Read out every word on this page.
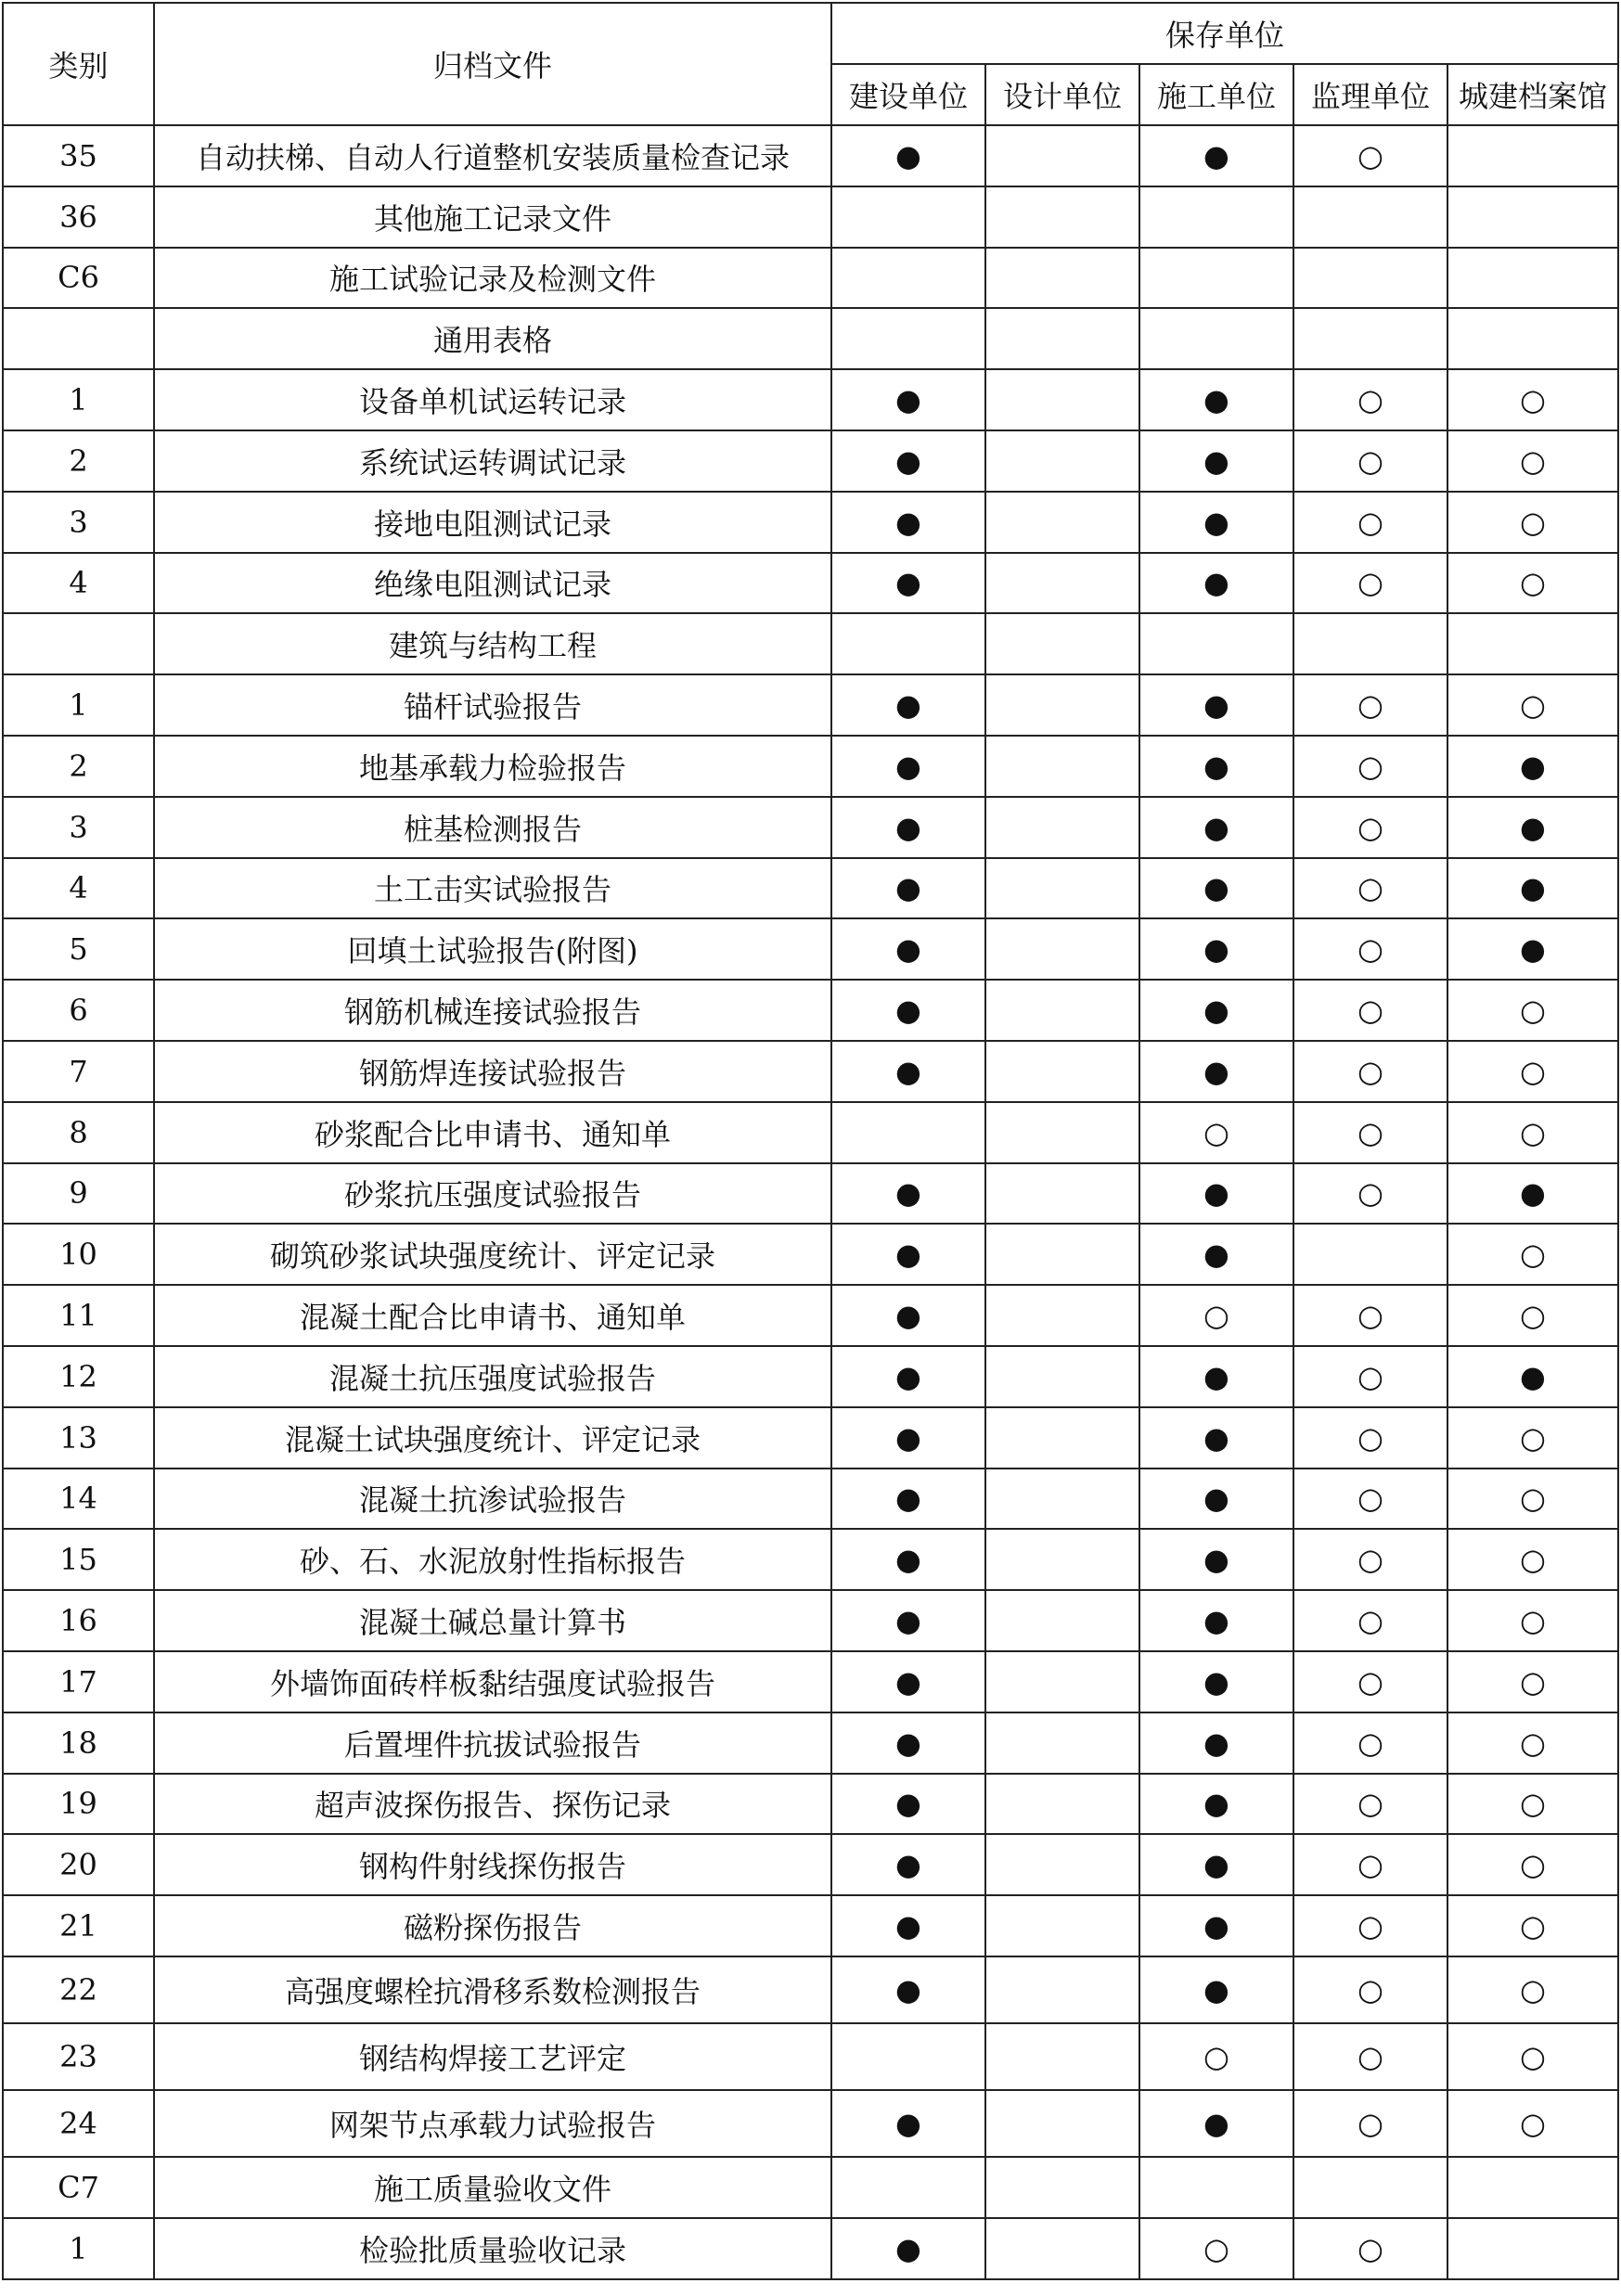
类别	归档文件	保存单位				
		建设单位	设计单位	施工单位	监理单位	城建档案馆
35	自动扶梯、自动人行道整机安装质量检查记录	●		●	○	
36	其他施工记录文件					
C6	施工试验记录及检测文件					
	通用表格					
1	设备单机试运转记录	●		●	○	○
2	系统试运转调试记录	●		●	○	○
3	接地电阻测试记录	●		●	○	○
4	绝缘电阻测试记录	●		●	○	○
	建筑与结构工程					
1	锚杆试验报告	●		●	○	○
2	地基承载力检验报告	●		●	○	●
3	桩基检测报告	●		●	○	●
4	土工击实试验报告	●		●	○	●
5	回填土试验报告(附图)	●		●	○	●
6	钢筋机械连接试验报告	●		●	○	○
7	钢筋焊连接试验报告	●		●	○	○
8	砂浆配合比申请书、通知单			○	○	○
9	砂浆抗压强度试验报告	●		●	○	●
10	砌筑砂浆试块强度统计、评定记录	●		●		○
11	混凝土配合比申请书、通知单	●		○	○	○
12	混凝土抗压强度试验报告	●		●	○	●
13	混凝土试块强度统计、评定记录	●		●	○	○
14	混凝土抗渗试验报告	●		●	○	○
15	砂、石、水泥放射性指标报告	●		●	○	○
16	混凝土碱总量计算书	●		●	○	○
17	外墙饰面砖样板黏结强度试验报告	●		●	○	○
18	后置埋件抗拔试验报告	●		●	○	○
19	超声波探伤报告、探伤记录	●		●	○	○
20	钢构件射线探伤报告	●		●	○	○
21	磁粉探伤报告	●		●	○	○
22	高强度螺栓抗滑移系数检测报告	●		●	○	○
23	钢结构焊接工艺评定			○	○	○
24	网架节点承载力试验报告	●		●	○	○
C7	施工质量验收文件					
1	检验批质量验收记录	●		○	○	
